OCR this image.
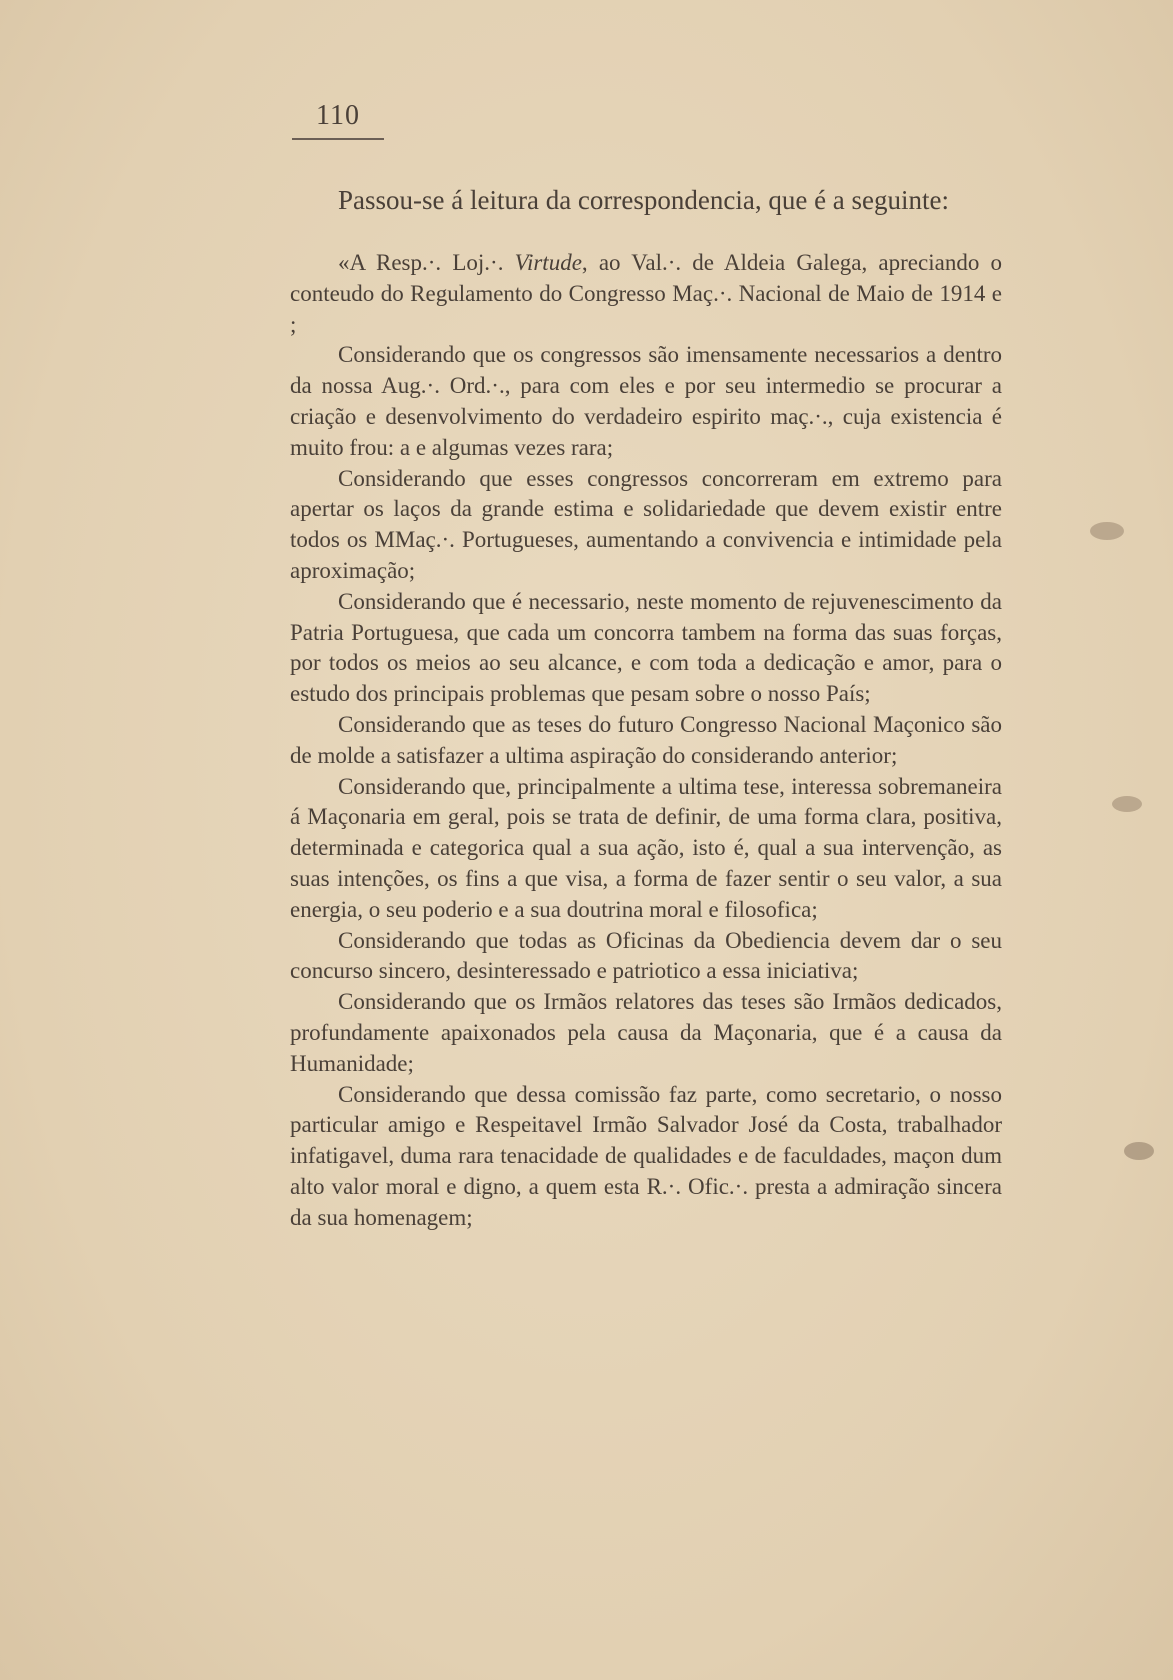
110

Passou-se á leitura da correspondencia, que é a seguinte:

«A Resp.·. Loj.·. Virtude, ao Val.·. de Aldeia Galega, apreciando o conteudo do Regulamento do Congresso Maç.·. Nacional de Maio de 1914 e ;

Considerando que os congressos são imensamente necessarios a dentro da nossa Aug.·. Ord.·., para com eles e por seu intermedio se procurar a criação e desenvolvimento do verdadeiro espirito maç.·., cuja existencia é muito frou: a e algumas vezes rara;

Considerando que esses congressos concorreram em extremo para apertar os laços da grande estima e solidariedade que devem existir entre todos os MMaç.·. Portugueses, aumentando a convivencia e intimidade pela aproximação;

Considerando que é necessario, neste momento de rejuvenescimento da Patria Portuguesa, que cada um concorra tambem na forma das suas forças, por todos os meios ao seu alcance, e com toda a dedicação e amor, para o estudo dos principais problemas que pesam sobre o nosso País;

Considerando que as teses do futuro Congresso Nacional Maçonico são de molde a satisfazer a ultima aspiração do considerando anterior;

Considerando que, principalmente a ultima tese, interessa sobremaneira á Maçonaria em geral, pois se trata de definir, de uma forma clara, positiva, determinada e categorica qual a sua ação, isto é, qual a sua intervenção, as suas intenções, os fins a que visa, a forma de fazer sentir o seu valor, a sua energia, o seu poderio e a sua doutrina moral e filosofica;

Considerando que todas as Oficinas da Obediencia devem dar o seu concurso sincero, desinteressado e patriotico a essa iniciativa;

Considerando que os Irmãos relatores das teses são Irmãos dedicados, profundamente apaixonados pela causa da Maçonaria, que é a causa da Humanidade;

Considerando que dessa comissão faz parte, como secretario, o nosso particular amigo e Respeitavel Irmão Salvador José da Costa, trabalhador infatigavel, duma rara tenacidade de qualidades e de faculdades, maçon dum alto valor moral e digno, a quem esta R.·. Ofic.·. presta a admiração sincera da sua homenagem;
